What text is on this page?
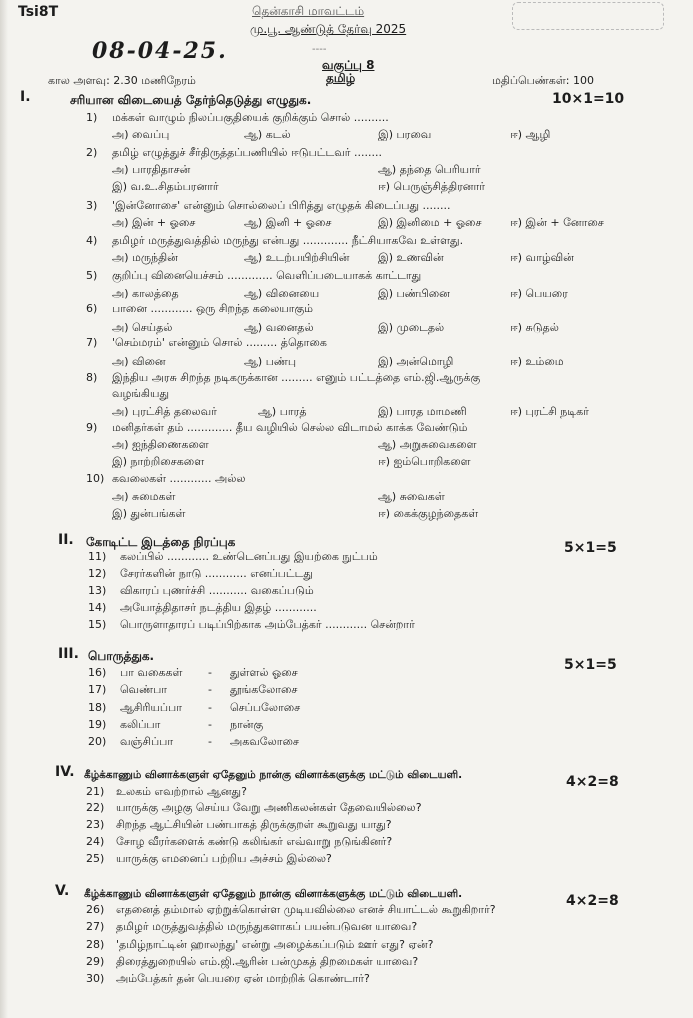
Tsi8T	தென்காசி மாவட்டம்
மு.பூ. ஆண்டுத் தேர்வு 2025
08-04-25.	----
வகுப்பு 8
தமிழ்
கால அளவு: 2.30 மணிநேரம்	மதிப்பெண்கள்: 100
I.	சரியான விடையைத் தேர்ந்தெடுத்து எழுதுக.	10×1=10
1) மக்கள் வாழும் நிலப்பகுதியைக் குறிக்கும் சொல் ..........
அ) வைப்பு	ஆ) கடல்	இ) பரவை	ஈ) ஆழி
2) தமிழ் எழுத்துச் சீர்திருத்தப்பணியில் ஈடுபட்டவர் ........
அ) பாரதிதாசன்	ஆ) தந்தை பெரியார்
இ) வ.உ.சிதம்பரனார்	ஈ) பெருஞ்சித்திரனார்
3) 'இன்னோசை' என்னும் சொல்லைப் பிரித்து எழுதக் கிடைப்பது ........
அ) இன் + ஓசை	ஆ) இனி + ஓசை	இ) இனிமை + ஓசை	ஈ) இன் + னோசை
4) தமிழர் மருத்துவத்தில் மருந்து என்பது ............. நீட்சியாகவே உள்ளது.
அ) மருந்தின்	ஆ) உடற்பயிற்சியின்	இ) உணவின்	ஈ) வாழ்வின்
5) குறிப்பு வினையெச்சம் ............. வெளிப்படையாகக் காட்டாது
அ) காலத்தை	ஆ) வினையை	இ) பண்பினை	ஈ) பெயரை
6) பானை ............ ஒரு சிறந்த கலையாகும்
அ) செய்தல்	ஆ) வனைதல்	இ) முடைதல்	ஈ) சுடுதல்
7) 'செம்மரம்' என்னும் சொல் ......... த்தொகை
அ) வினை	ஆ) பண்பு	இ) அன்மொழி	ஈ) உம்மை
8) இந்திய அரசு சிறந்த நடிகருக்கான ......... எனும் பட்டத்தை எம்.ஜி.ஆருக்கு
வழங்கியது
அ) புரட்சித் தலைவர்	ஆ) பாரத்	இ) பாரத மாமணி	ஈ) புரட்சி நடிகர்
9) மனிதர்கள் தம் ............. தீய வழியில் செல்ல விடாமல் காக்க வேண்டும்
அ) ஐந்திணைகளை	ஆ) அறுசுவைகளை
இ) நாற்றிசைகளை	ஈ) ஐம்பொறிகளை
10) கவலைகள் ............ அல்ல
அ) சுமைகள்	ஆ) சுவைகள்
இ) துன்பங்கள்	ஈ) கைக்குழந்தைகள்
II. கோடிட்ட இடத்தை நிரப்புக	5×1=5
11) கலப்பில் ............ உண்டெனப்பது இயற்கை நுட்பம்
12) சேரர்களின் நாடு ............ எனப்பட்டது
13) விகாரப் புணர்ச்சி ........... வகைப்படும்
14) அயோத்திதாசர் நடத்திய இதழ் ............
15) பொருளாதாரப் படிப்பிற்காக அம்பேத்கர் ............ சென்றார்
III. பொருத்துக.
5×1=5
16) பா வகைகள் - துள்ளல் ஓசை
17) வெண்பா	- தூங்கலோசை
18) ஆசிரியப்பா - செப்பலோசை
19) கலிப்பா	- நான்கு
20) வஞ்சிப்பா	- அகவலோசை
IV. கீழ்க்காணும் வினாக்களுள் ஏதேனும் நான்கு வினாக்களுக்கு மட்டும் விடையளி.	4×2=8
21) உலகம் எவற்றால் ஆனது?
22) யாருக்கு அழகு செய்ய வேறு அணிகலன்கள் தேவையில்லை?
23) சிறந்த ஆட்சியின் பண்பாகத் திருக்குறள் கூறுவது யாது?
24) சோழ வீரர்களைக் கண்டு கலிங்கர் எவ்வாறு நடுங்கினர்?
25) யாருக்கு எமனைப் பற்றிய அச்சம் இல்லை?
V. கீழ்க்காணும் வினாக்களுள் ஏதேனும் நான்கு வினாக்களுக்கு மட்டும் விடையளி.	4×2=8
26) எதனைத் தம்மால் ஏற்றுக்கொள்ள முடியவில்லை எனச் சியாட்டல் கூறுகிறார்?
27) தமிழர் மருத்துவத்தில் மருந்துகளாகப் பயன்படுவன யாவை?
28) 'தமிழ்நாட்டின் ஹாலந்து' என்று அழைக்கப்படும் ஊர் எது? ஏன்?
29) திரைத்துறையில் எம்.ஜி.ஆரின் பன்முகத் திறமைகள் யாவை?
30) அம்பேத்கர் தன் பெயரை ஏன் மாற்றிக் கொண்டார்?
